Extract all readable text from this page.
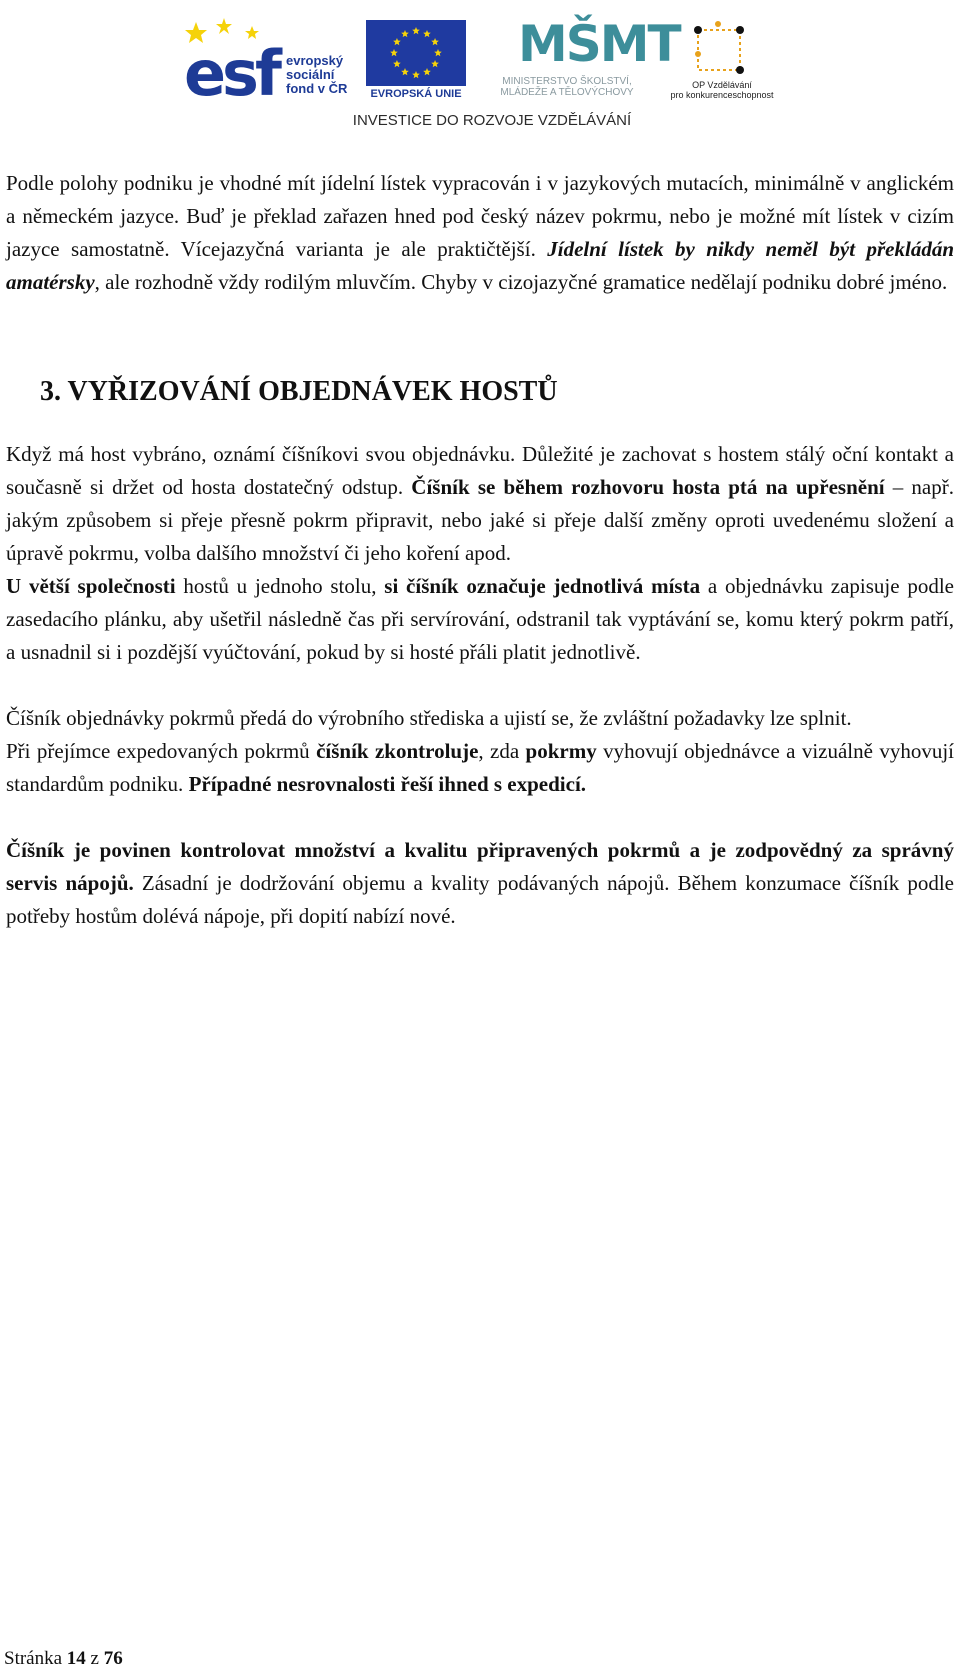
esf evropský
sociální
fond v ČR	EVROPSKÁ UNIE
MŠMT
MINISTERSTVO ŠKOLSTVÍ,
MLÁDEŽE A TĚLOVÝCHOVY
OP Vzdělávání
pro konkurenceschopnost
INVESTICE DO ROZVOJE VZDĚLÁVÁNÍ

Podle polohy podniku je vhodné mít jídelní lístek vypracován i v jazykových mutacích, minimálně v anglickém a německém jazyce. Buď je překlad zařazen hned pod český název pokrmu, nebo je možné mít lístek v cizím jazyce samostatně. Vícejazyčná varianta je ale praktičtější. Jídelní lístek by nikdy neměl být překládán amatérsky, ale rozhodně vždy rodilým mluvčím. Chyby v cizojazyčné gramatice nedělají podniku dobré jméno.

3. VYŘIZOVÁNÍ OBJEDNÁVEK HOSTŮ

Když má host vybráno, oznámí číšníkovi svou objednávku. Důležité je zachovat s hostem stálý oční kontakt a současně si držet od hosta dostatečný odstup. Číšník se během rozhovoru hosta ptá na upřesnění – např. jakým způsobem si přeje přesně pokrm připravit, nebo jaké si přeje další změny oproti uvedenému složení a úpravě pokrmu, volba dalšího množství či jeho koření apod.

U větší společnosti hostů u jednoho stolu, si číšník označuje jednotlivá místa a objednávku zapisuje podle zasedacího plánku, aby ušetřil následně čas při servírování, odstranil tak vyptávání se, komu který pokrm patří, a usnadnil si i pozdější vyúčtování, pokud by si hosté přáli platit jednotlivě.

Číšník objednávky pokrmů předá do výrobního střediska a ujistí se, že zvláštní požadavky lze splnit.

Při přejímce expedovaných pokrmů číšník zkontroluje, zda pokrmy vyhovují objednávce a vizuálně vyhovují standardům podniku. Případné nesrovnalosti řeší ihned s expedicí.

Číšník je povinen kontrolovat množství a kvalitu připravených pokrmů a je zodpovědný za správný servis nápojů. Zásadní je dodržování objemu a kvality podávaných nápojů. Během konzumace číšník podle potřeby hostům dolévá nápoje, při dopití nabízí nové.

Stránka 14 z 76
